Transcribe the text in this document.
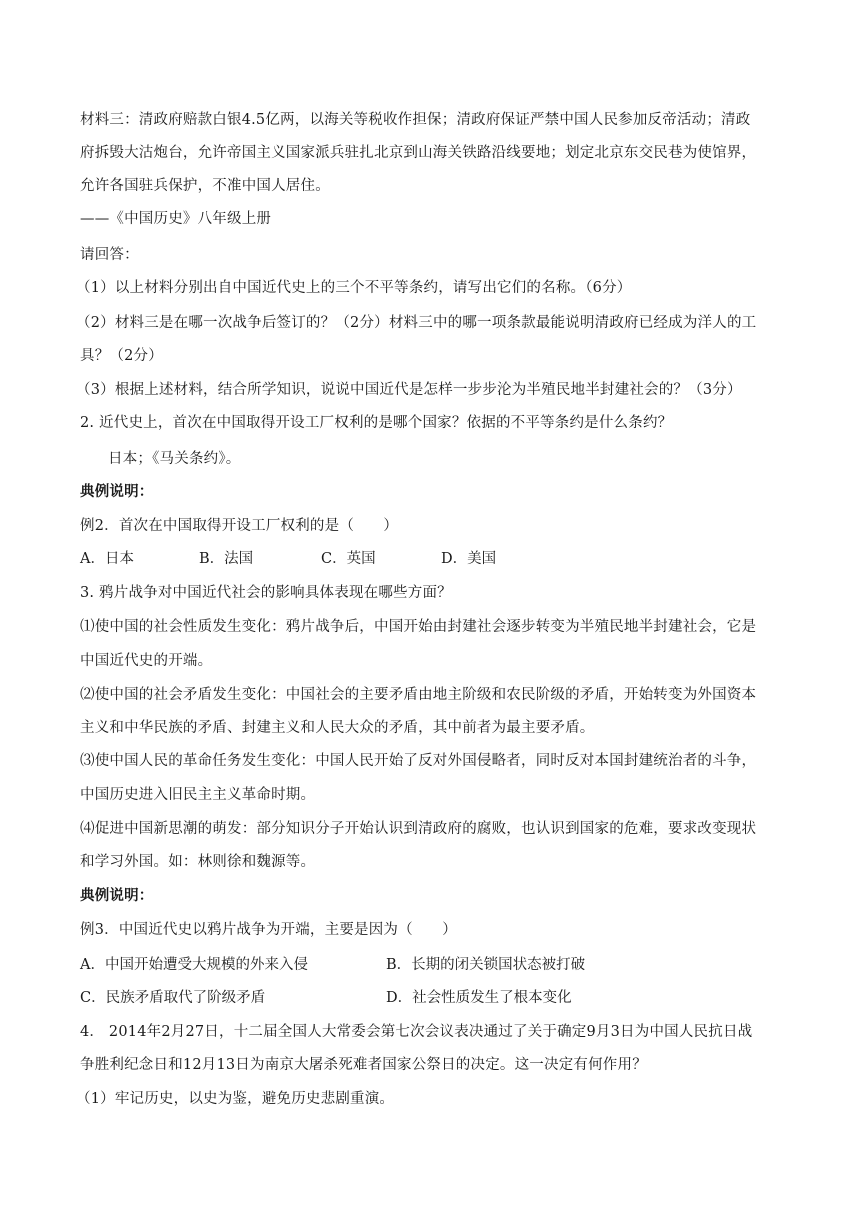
材料三：清政府赔款白银4.5亿两，以海关等税收作担保；清政府保证严禁中国人民参加反帝活动；清政
府拆毁大沽炮台，允许帝国主义国家派兵驻扎北京到山海关铁路沿线要地；划定北京东交民巷为使馆界，
允许各国驻兵保护，不准中国人居住。
——《中国历史》八年级上册
请回答：
（1）以上材料分别出自中国近代史上的三个不平等条约，请写出它们的名称。（6分）
（2）材料三是在哪一次战争后签订的？（2分）材料三中的哪一项条款最能说明清政府已经成为洋人的工
具？（2分）
（3）根据上述材料，结合所学知识，说说中国近代是怎样一步步沦为半殖民地半封建社会的？（3分）
2. 近代史上，首次在中国取得开设工厂权利的是哪个国家？依据的不平等条约是什么条约？
日本；《马关条约》。
典例说明：
例2．首次在中国取得开设工厂权利的是（　　）
A．日本	B．法国	C．英国	D．美国
3. 鸦片战争对中国近代社会的影响具体表现在哪些方面？
⑴使中国的社会性质发生变化：鸦片战争后，中国开始由封建社会逐步转变为半殖民地半封建社会，它是
中国近代史的开端。
⑵使中国的社会矛盾发生变化：中国社会的主要矛盾由地主阶级和农民阶级的矛盾，开始转变为外国资本
主义和中华民族的矛盾、封建主义和人民大众的矛盾，其中前者为最主要矛盾。
⑶使中国人民的革命任务发生变化：中国人民开始了反对外国侵略者，同时反对本国封建统治者的斗争，
中国历史进入旧民主主义革命时期。
⑷促进中国新思潮的萌发：部分知识分子开始认识到清政府的腐败，也认识到国家的危难，要求改变现状
和学习外国。如：林则徐和魏源等。
典例说明：
例3．中国近代史以鸦片战争为开端，主要是因为（　　）
A．中国开始遭受大规模的外来入侵	B．长期的闭关锁国状态被打破
C．民族矛盾取代了阶级矛盾	D．社会性质发生了根本变化
4． 2014年2月27日，十二届全国人大常委会第七次会议表决通过了关于确定9月3日为中国人民抗日战
争胜利纪念日和12月13日为南京大屠杀死难者国家公祭日的决定。这一决定有何作用？
（1）牢记历史，以史为鉴，避免历史悲剧重演。
